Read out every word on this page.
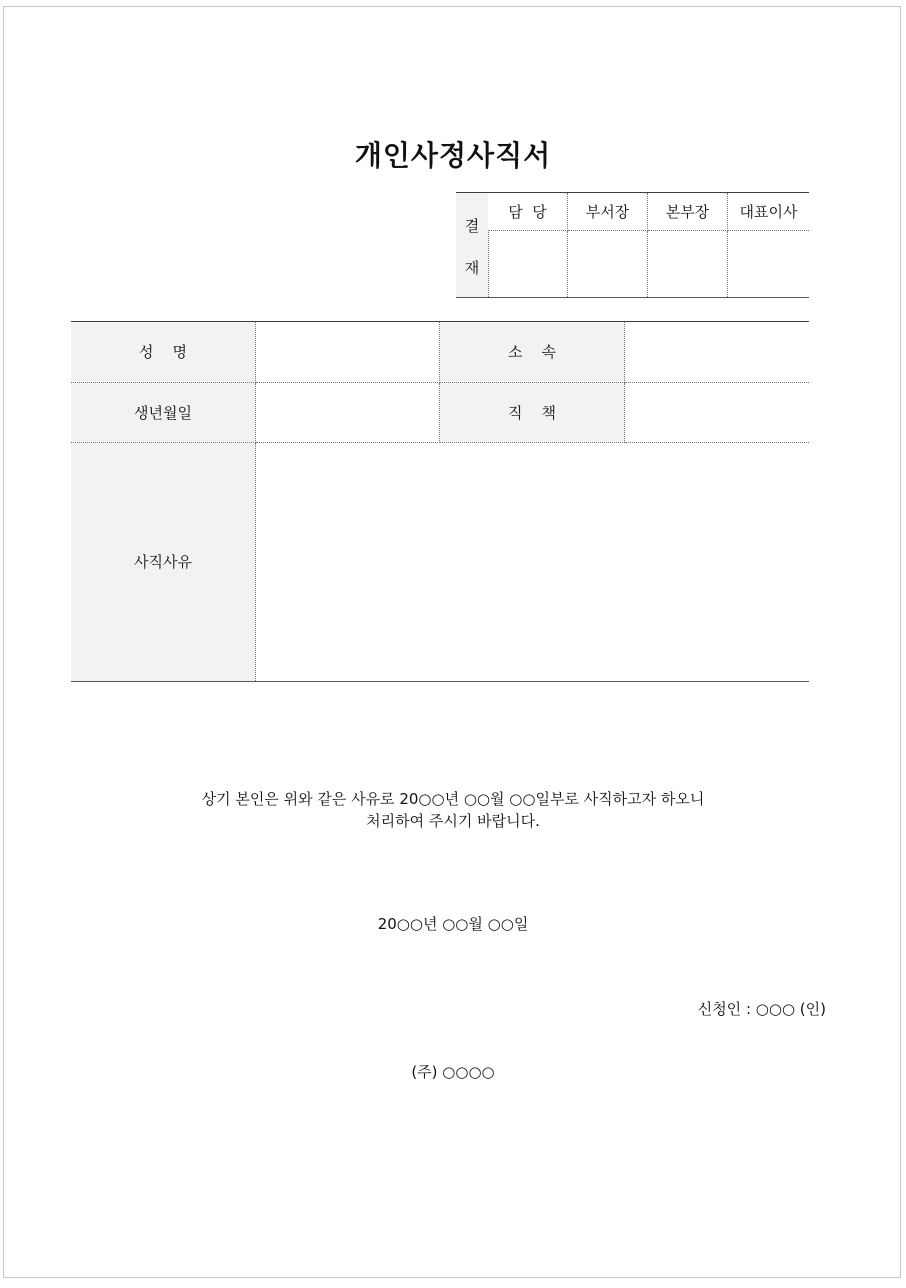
개인사정사직서
결
재
담  당	부서장	본부장	대표이사
성    명	소    속
생년월일	직    책
사직사유
상기 본인은 위와 같은 사유로 20○○년 ○○월 ○○일부로 사직하고자 하오니
처리하여 주시기 바랍니다.
20○○년 ○○월 ○○일
신청인 : ○○○ (인)
(주) ○○○○
